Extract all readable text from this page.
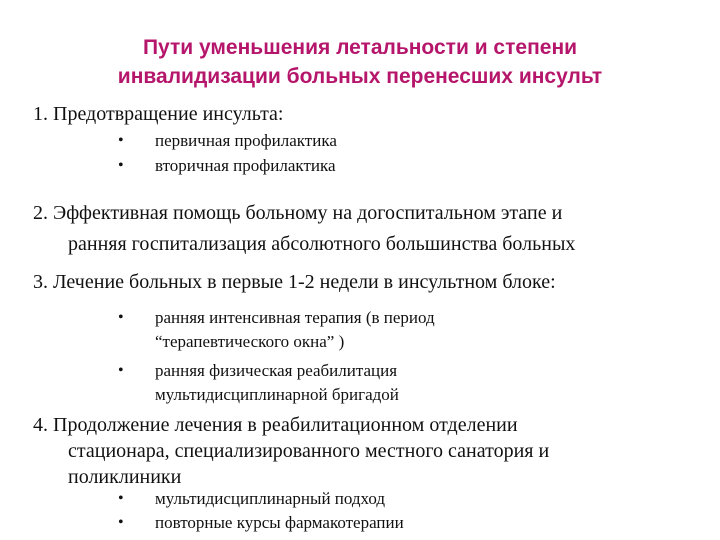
Пути уменьшения летальности и степени
инвалидизации больных перенесших инсульт
1. Предотвращение инсульта:
• первичная профилактика
• вторичная профилактика
2. Эффективная помощь больному на догоспитальном этапе и
ранняя госпитализация абсолютного большинства больных
3. Лечение больных в первые 1-2 недели в инсультном блоке:
• ранняя интенсивная терапия (в период
“терапевтического окна” )
• ранняя физическая реабилитация
мультидисциплинарной бригадой
4. Продолжение лечения в реабилитационном отделении
стационара, специализированного местного санатория и
поликлиники
• мультидисциплинарный подход
• повторные курсы фармакотерапии
